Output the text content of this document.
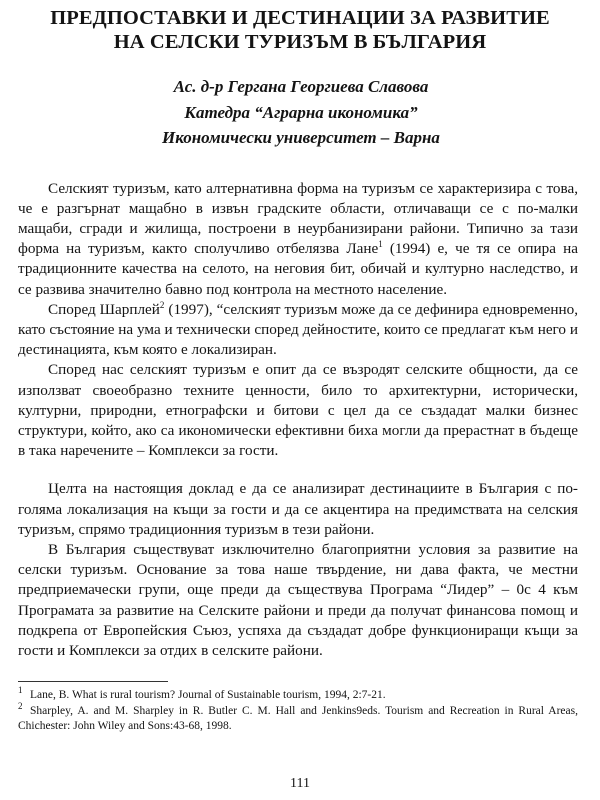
ПРЕДПОСТАВКИ И ДЕСТИНАЦИИ ЗА РАЗВИТИЕ
НА СЕЛСКИ ТУРИЗЪМ В БЪЛГАРИЯ
Ас. д-р Гергана Георгиева Славова
Катедра “Аграрна икономика”
Икономически университет – Варна

Селският туризъм, като алтернативна форма на туризъм се характеризира с това, че е разгърнат мащабно в извън градските области, отличаващи се с по-малки мащаби, сгради и жилища, построени в неурбанизирани райони. Типично за тази форма на туризъм, както сполучливо отбелязва Лане$^1$ (1994) е, че тя се опира на традиционните качества на селото, на неговия бит, обичай и културно наследство, и се развива значително бавно под контрола на местното население.

Според Шарплей$^2$ (1997), “селският туризъм може да се дефинира едновременно, като състояние на ума и технически според дейностите, които се предлагат към него и дестинацията, към която е локализиран.

Според нас селският туризъм е опит да се възродят селските общности, да се използват своеобразно техните ценности, било то архитектурни, исторически, културни, природни, етнографски и битови с цел да се създадат малки бизнес структури, който, ако са икономически ефективни биха могли да прерастнат в бъдеще в така наречените – Комплекси за гости.

Целта на настоящия доклад е да се анализират дестинациите в България с по-голяма локализация на къщи за гости и да се акцентира на предимствата на селския туризъм, спрямо традиционния туризъм в тези райони.

В България съществуват изключително благоприятни условия за развитие на селски туризъм. Основание за това наше твърдение, ни дава факта, че местни предприемачески групи, още преди да съществува Програма “Лидер” – 0с 4 към Програмата за развитие на Селските райони и преди да получат финансова помощ и подкрепа от Европейския Съюз, успяха да създадат добре функциониращи къщи за гости и Комплекси за отдих в селските райони.

$^1$ Lane, B. What is rural tourism? Journal of Sustainable tourism, 1994, 2:7-21.

$^2$ Sharpley, A. and M. Sharpley in R. Butler C. M. Hall and Jenkins9eds. Tourism and Recreation in Rural Areas, Chichester: John Wiley and Sons:43-68, 1998.

111
